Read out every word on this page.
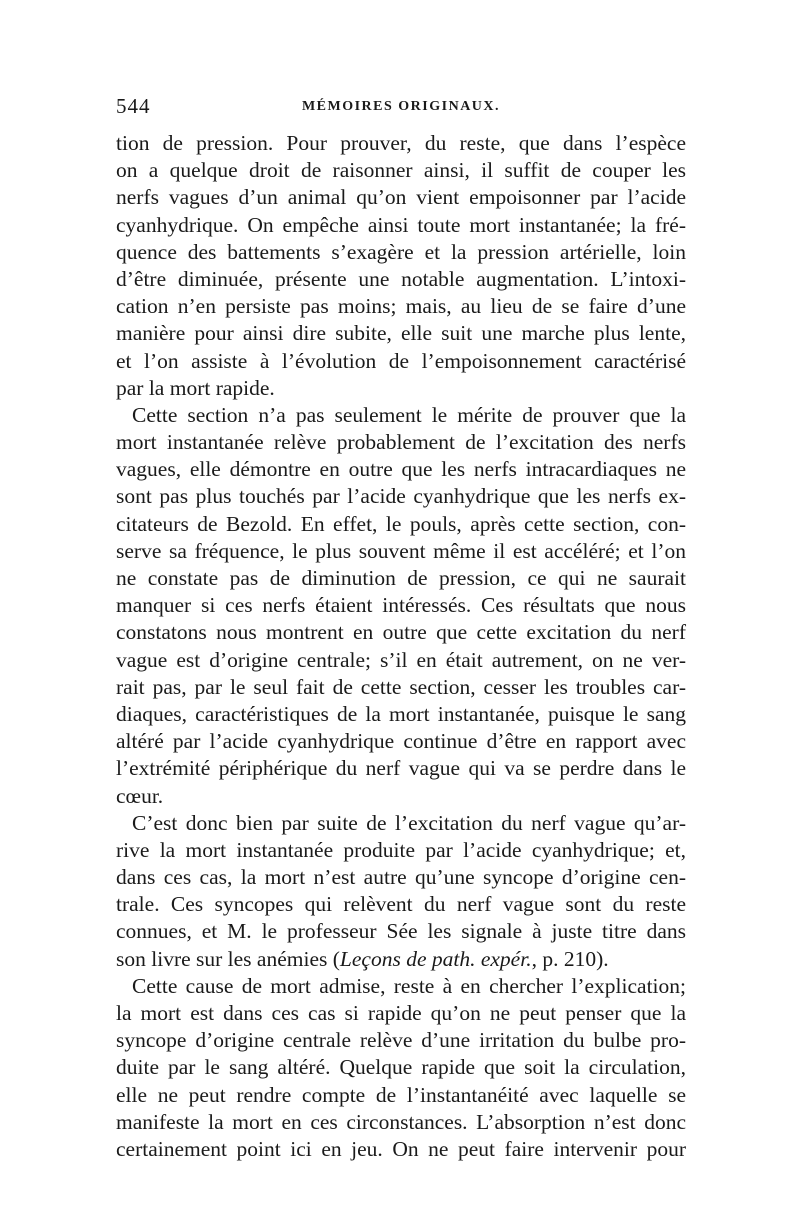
544	MÉMOIRES ORIGINAUX.
tion de pression. Pour prouver, du reste, que dans l’espèce
on a quelque droit de raisonner ainsi, il suffit de couper les
nerfs vagues d’un animal qu’on vient empoisonner par l’acide
cyanhydrique. On empêche ainsi toute mort instantanée; la fré-
quence des battements s’exagère et la pression artérielle, loin
d’être diminuée, présente une notable augmentation. L’intoxi-
cation n’en persiste pas moins; mais, au lieu de se faire d’une
manière pour ainsi dire subite, elle suit une marche plus lente,
et l’on assiste à l’évolution de l’empoisonnement caractérisé
par la mort rapide.
Cette section n’a pas seulement le mérite de prouver que la
mort instantanée relève probablement de l’excitation des nerfs
vagues, elle démontre en outre que les nerfs intracardiaques ne
sont pas plus touchés par l’acide cyanhydrique que les nerfs ex-
citateurs de Bezold. En effet, le pouls, après cette section, con-
serve sa fréquence, le plus souvent même il est accéléré; et l’on
ne constate pas de diminution de pression, ce qui ne saurait
manquer si ces nerfs étaient intéressés. Ces résultats que nous
constatons nous montrent en outre que cette excitation du nerf
vague est d’origine centrale; s’il en était autrement, on ne ver-
rait pas, par le seul fait de cette section, cesser les troubles car-
diaques, caractéristiques de la mort instantanée, puisque le sang
altéré par l’acide cyanhydrique continue d’être en rapport avec
l’extrémité périphérique du nerf vague qui va se perdre dans le
cœur.
C’est donc bien par suite de l’excitation du nerf vague qu’ar-
rive la mort instantanée produite par l’acide cyanhydrique; et,
dans ces cas, la mort n’est autre qu’une syncope d’origine cen-
trale. Ces syncopes qui relèvent du nerf vague sont du reste
connues, et M. le professeur Sée les signale à juste titre dans
son livre sur les anémies (Leçons de path. expér., p. 210).
Cette cause de mort admise, reste à en chercher l’explication;
la mort est dans ces cas si rapide qu’on ne peut penser que la
syncope d’origine centrale relève d’une irritation du bulbe pro-
duite par le sang altéré. Quelque rapide que soit la circulation,
elle ne peut rendre compte de l’instantanéité avec laquelle se
manifeste la mort en ces circonstances. L’absorption n’est donc
certainement point ici en jeu. On ne peut faire intervenir pour
